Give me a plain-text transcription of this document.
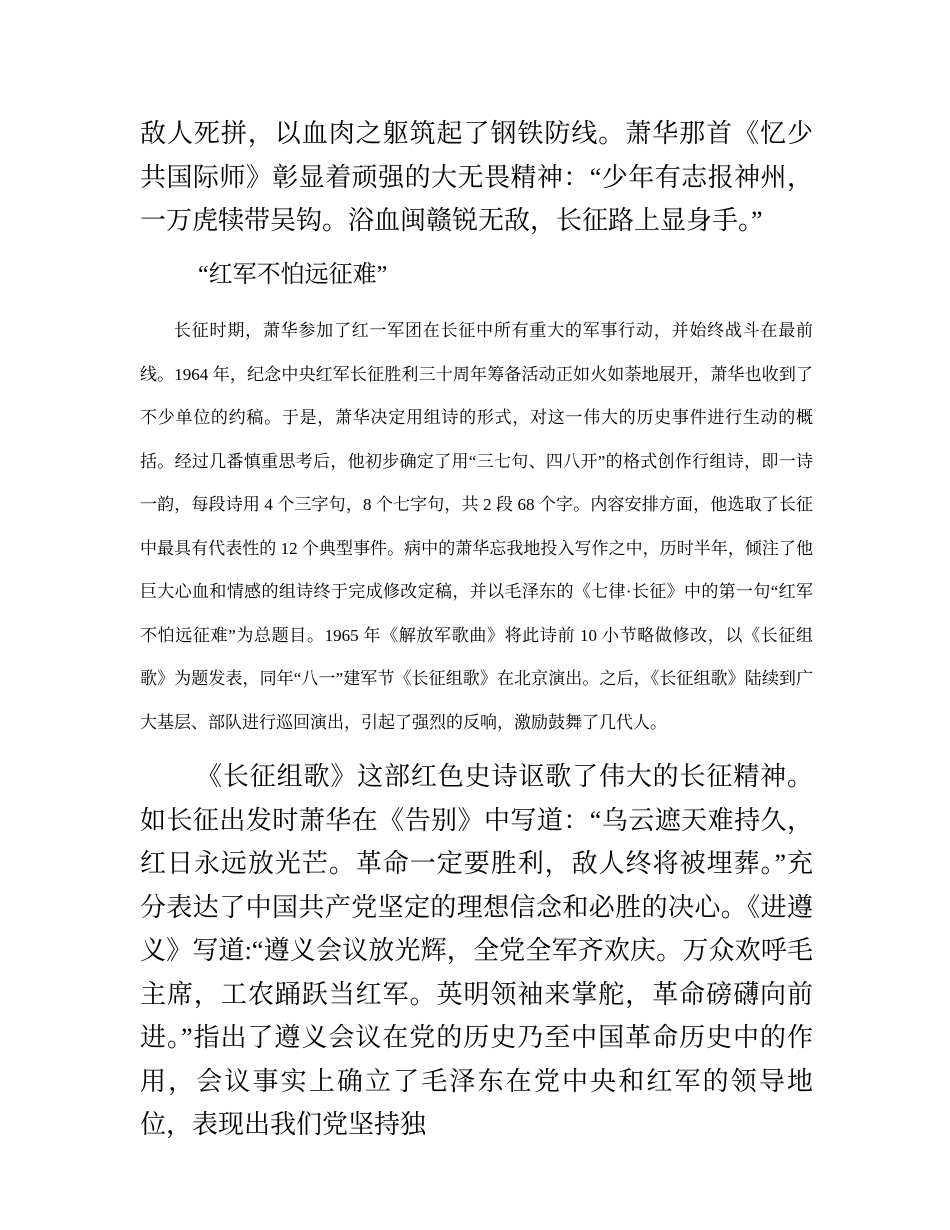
敌人死拼，以血肉之躯筑起了钢铁防线。萧华那首《忆少共国际师》彰显着顽强的大无畏精神：“少年有志报神州，一万虎犊带吴钩。浴血闽赣锐无敌，长征路上显身手。”

“红军不怕远征难”

长征时期，萧华参加了红一军团在长征中所有重大的军事行动，并始终战斗在最前线。1964 年，纪念中央红军长征胜利三十周年筹备活动正如火如荼地展开，萧华也收到了不少单位的约稿。于是，萧华决定用组诗的形式，对这一伟大的历史事件进行生动的概括。经过几番慎重思考后，他初步确定了用“三七句、四八开”的格式创作行组诗，即一诗一韵，每段诗用 4 个三字句，8 个七字句，共 2 段 68 个字。内容安排方面，他选取了长征中最具有代表性的 12 个典型事件。病中的萧华忘我地投入写作之中，历时半年，倾注了他巨大心血和情感的组诗终于完成修改定稿，并以毛泽东的《七律·长征》中的第一句“红军不怕远征难”为总题目。1965 年《解放军歌曲》将此诗前 10 小节略做修改，以《长征组歌》为题发表，同年“八一”建军节《长征组歌》在北京演出。之后，《长征组歌》陆续到广大基层、部队进行巡回演出，引起了强烈的反响，激励鼓舞了几代人。

《长征组歌》这部红色史诗讴歌了伟大的长征精神。如长征出发时萧华在《告别》中写道：“乌云遮天难持久，红日永远放光芒。革命一定要胜利，敌人终将被埋葬。”充分表达了中国共产党坚定的理想信念和必胜的决心。《进遵义》写道:“遵义会议放光辉，全党全军齐欢庆。万众欢呼毛主席，工农踊跃当红军。英明领袖来掌舵，革命磅礴向前进。”指出了遵义会议在党的历史乃至中国革命历史中的作用，会议事实上确立了毛泽东在党中央和红军的领导地位，表现出我们党坚持独
